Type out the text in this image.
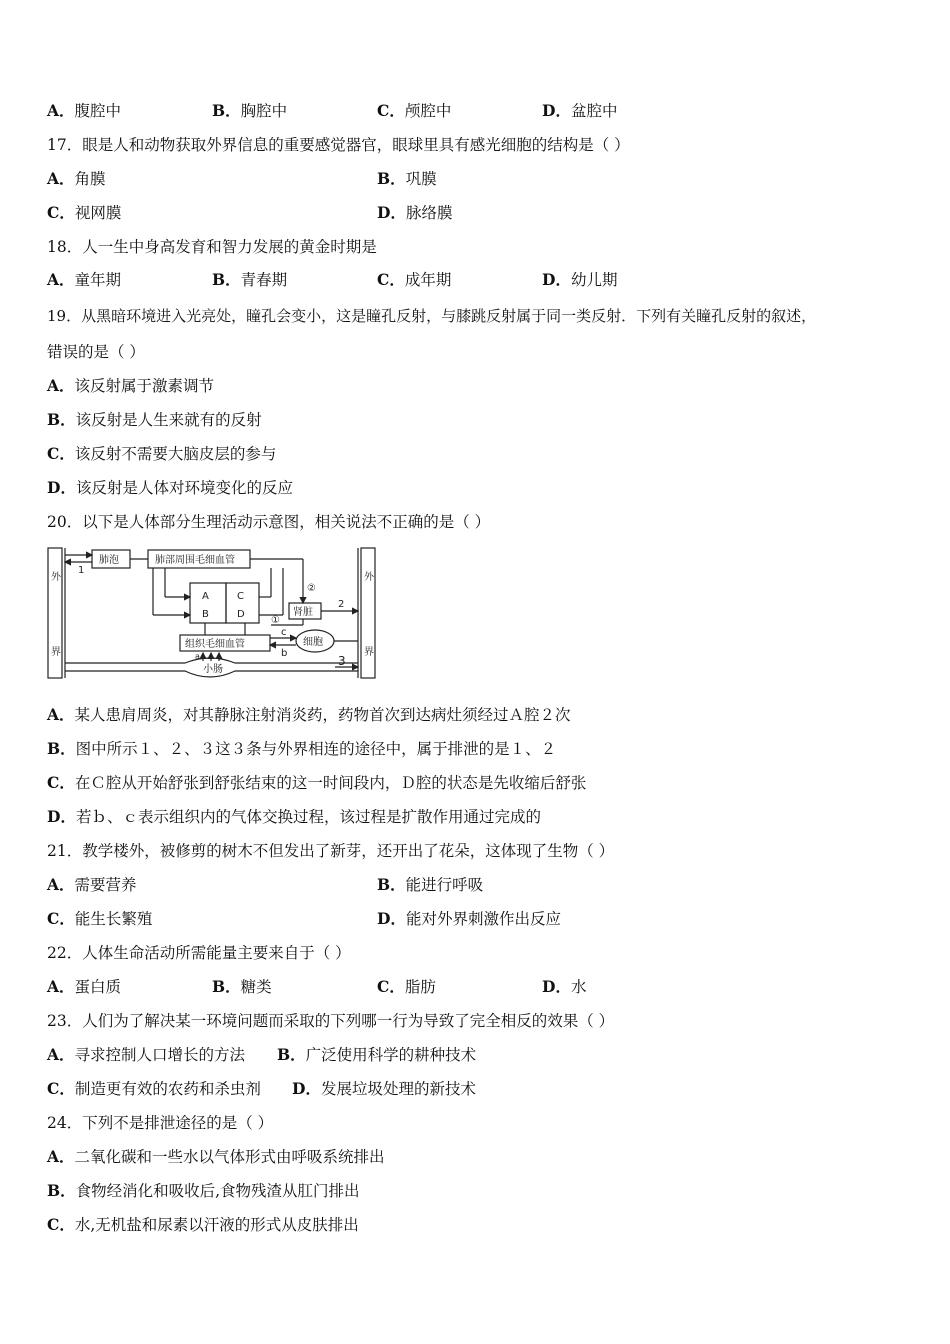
A．腹腔中	B．胸腔中	C．颅腔中	D．盆腔中
17．眼是人和动物获取外界信息的重要感觉器官，眼球里具有感光细胞的结构是（ ）
A．角膜	B．巩膜
C．视网膜	D．脉络膜
18．人一生中身高发育和智力发展的黄金时期是
A．童年期	B．青春期	C．成年期	D．幼儿期
19．从黑暗环境进入光亮处，瞳孔会变小，这是瞳孔反射，与膝跳反射属于同一类反射．下列有关瞳孔反射的叙述，
错误的是（ ）
A．该反射属于激素调节
B．该反射是人生来就有的反射
C．该反射不需要大脑皮层的参与
D．该反射是人体对环境变化的反应
20．以下是人体部分生理活动示意图，相关说法不正确的是（ ）
外
界
外
界
肺泡	肺部周围毛细血管
A
B
C
D	肾脏
组织毛细血管	细胞
小肠
1
2
3
①
②
a	b
c
A．某人患肩周炎，对其静脉注射消炎药，药物首次到达病灶须经过Ａ腔２次
B．图中所示１、２、３这３条与外界相连的途径中，属于排泄的是１、２
C．在Ｃ腔从开始舒张到舒张结束的这一时间段内，Ｄ腔的状态是先收缩后舒张
D．若ｂ、ｃ表示组织内的气体交换过程，该过程是扩散作用通过完成的
21．教学楼外，被修剪的树木不但发出了新芽，还开出了花朵，这体现了生物（ ）
A．需要营养	B．能进行呼吸
C．能生长繁殖	D．能对外界刺激作出反应
22．人体生命活动所需能量主要来自于（ ）
A．蛋白质	B．糖类	C．脂肪	D．水
23．人们为了解决某一环境问题而采取的下列哪一行为导致了完全相反的效果（ ）
A．寻求控制人口增长的方法 B．广泛使用科学的耕种技术
C．制造更有效的农药和杀虫剂 D．发展垃圾处理的新技术
24．下列不是排泄途径的是（ ）
A．二氧化碳和一些水以气体形式由呼吸系统排出
B．食物经消化和吸收后,食物残渣从肛门排出
C．水,无机盐和尿素以汗液的形式从皮肤排出
